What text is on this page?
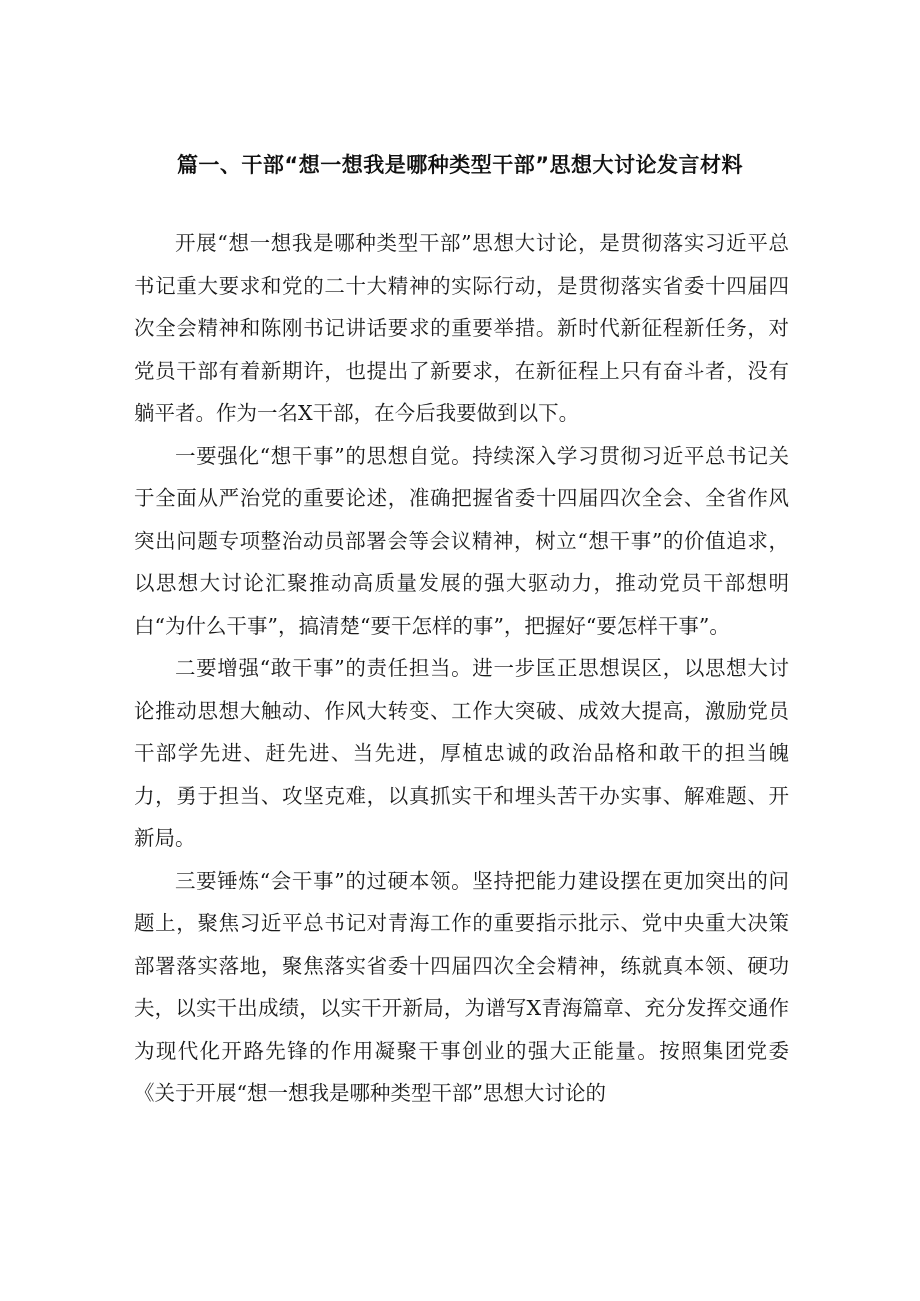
篇一、干部“想一想我是哪种类型干部”思想大讨论发言材料

开展“想一想我是哪种类型干部”思想大讨论，是贯彻落实习近平总书记重大要求和党的二十大精神的实际行动，是贯彻落实省委十四届四次全会精神和陈刚书记讲话要求的重要举措。新时代新征程新任务，对党员干部有着新期许，也提出了新要求，在新征程上只有奋斗者，没有躺平者。作为一名X干部，在今后我要做到以下。

一要强化“想干事”的思想自觉。持续深入学习贯彻习近平总书记关于全面从严治党的重要论述，准确把握省委十四届四次全会、全省作风突出问题专项整治动员部署会等会议精神，树立“想干事”的价值追求，以思想大讨论汇聚推动高质量发展的强大驱动力，推动党员干部想明白“为什么干事”，搞清楚“要干怎样的事”，把握好“要怎样干事”。

二要增强“敢干事”的责任担当。进一步匡正思想误区，以思想大讨论推动思想大触动、作风大转变、工作大突破、成效大提高，激励党员干部学先进、赶先进、当先进，厚植忠诚的政治品格和敢干的担当魄力，勇于担当、攻坚克难，以真抓实干和埋头苦干办实事、解难题、开新局。

三要锤炼“会干事”的过硬本领。坚持把能力建设摆在更加突出的问题上，聚焦习近平总书记对青海工作的重要指示批示、党中央重大决策部署落实落地，聚焦落实省委十四届四次全会精神，练就真本领、硬功夫，以实干出成绩，以实干开新局，为谱写X青海篇章、充分发挥交通作为现代化开路先锋的作用凝聚干事创业的强大正能量。按照集团党委《关于开展“想一想我是哪种类型干部”思想大讨论的
